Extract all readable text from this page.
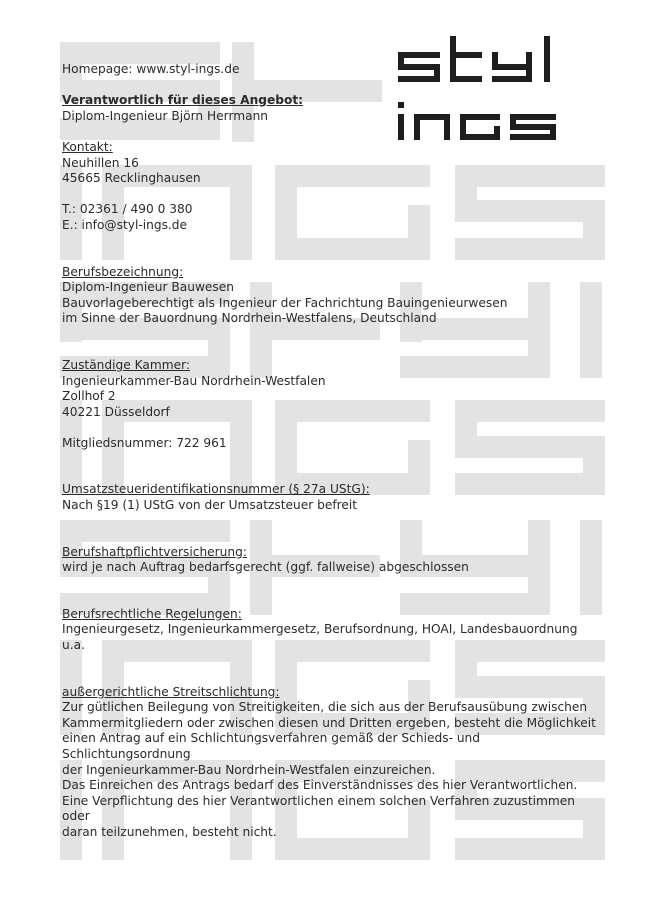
Homepage: www.styl-ings.de

Verantwortlich für dieses Angebot:

Diplom-Ingenieur Björn Herrmann

Kontakt:

Neuhillen 16

45665 Recklinghausen

T.: 02361 / 490 0 380

E.: info@styl-ings.de

Berufsbezeichnung:

Diplom-Ingenieur Bauwesen

Bauvorlageberechtigt als Ingenieur der Fachrichtung Bauingenieurwesen

im Sinne der Bauordnung Nordrhein-Westfalens, Deutschland

Zuständige Kammer:

Ingenieurkammer-Bau Nordrhein-Westfalen

Zollhof 2

40221 Düsseldorf

Mitgliedsnummer: 722 961

Umsatzsteueridentifikationsnummer (§ 27a UStG):

Nach §19 (1) UStG von der Umsatzsteuer befreit

Berufshaftpflichtversicherung:

wird je nach Auftrag bedarfsgerecht (ggf. fallweise) abgeschlossen

Berufsrechtliche Regelungen:

Ingenieurgesetz, Ingenieurkammergesetz, Berufsordnung, HOAI, Landesbauordnung u.a.

außergerichtliche Streitschlichtung:

Zur gütlichen Beilegung von Streitigkeiten, die sich aus der Berufsausübung zwischen

Kammermitgliedern oder zwischen diesen und Dritten ergeben, besteht die Möglichkeit

einen Antrag auf ein Schlichtungsverfahren gemäß der Schieds- und Schlichtungsordnung

der Ingenieurkammer-Bau Nordrhein-Westfalen einzureichen.

Das Einreichen des Antrags bedarf des Einverständnisses des hier Verantwortlichen.

Eine Verpflichtung des hier Verantwortlichen einem solchen Verfahren zuzustimmen oder

daran teilzunehmen, besteht nicht.
